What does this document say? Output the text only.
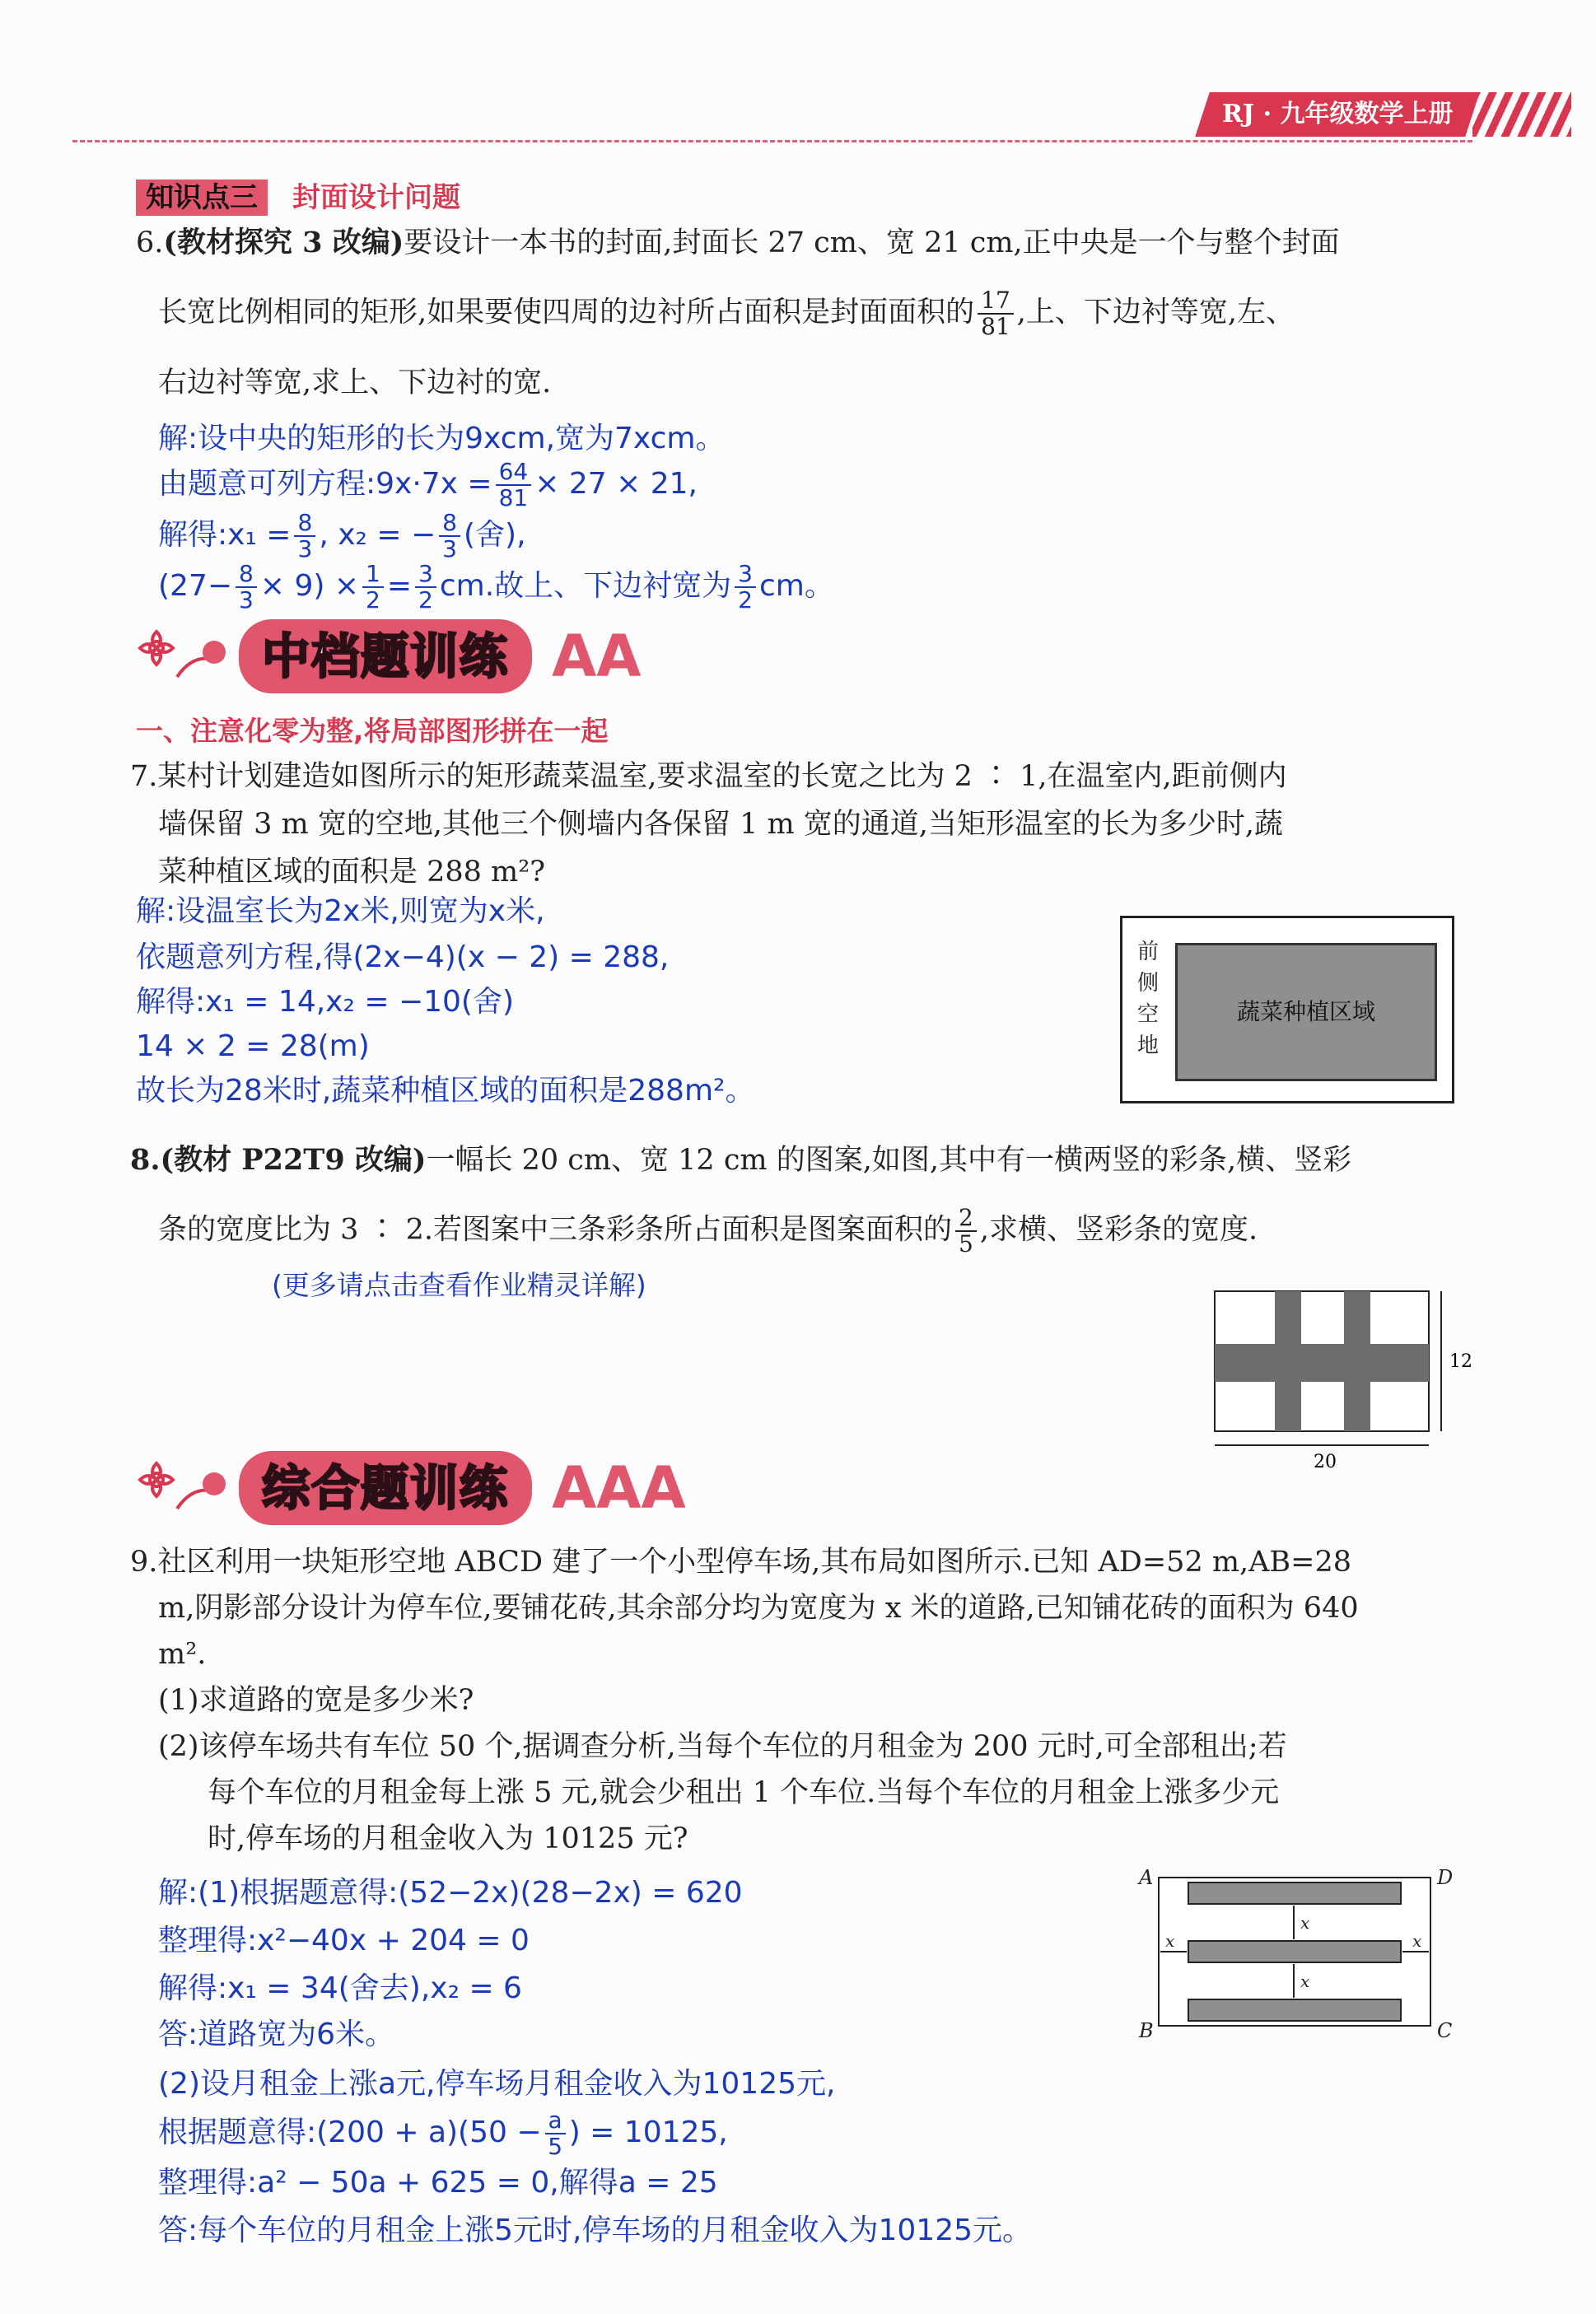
RJ · 九年级数学上册
知识点三 封面设计问题
6.(教材探究 3 改编)要设计一本书的封面,封面长 27 cm、宽 21 cm,正中央是一个与整个封面
长宽比例相同的矩形,如果要使四周的边衬所占面积是封面面积的 $\frac{17}{81}$ ,上、下边衬等宽,左、
右边衬等宽,求上、下边衬的宽.
解:设中央的矩形的长为9xcm,宽为7xcm。
由题意可列方程:9x·7x = $\frac{64}{81} \times 27 \times 21$,
解得:x₁ = $\frac{8}{3}$ , x₂ = − $\frac{8}{3}$ (舍),
$(27- \frac{8}{3} \times 9) \times \frac{1}{2} = \frac{3}{2}$ cm.故上、下边衬宽为 $\frac{3}{2}$ cm。
中档题训练 AA
一、注意化零为整,将局部图形拼在一起
7.某村计划建造如图所示的矩形蔬菜温室,要求温室的长宽之比为 2 ∶ 1,在温室内,距前侧内
墙保留 3 m 宽的空地,其他三个侧墙内各保留 1 m 宽的通道,当矩形温室的长为多少时,蔬
菜种植区域的面积是 288 m²?
解:设温室长为2x米,则宽为x米,
依题意列方程,得(2x−4)(x − 2) = 288,
解得:x₁ = 14,x₂ = −10(舍)
14 × 2 = 28(m)
故长为28米时,蔬菜种植区域的面积是288m²。
前
侧
空
地
蔬菜种植区域
8.(教材 P22T9 改编)一幅长 20 cm、宽 12 cm 的图案,如图,其中有一横两竖的彩条,横、竖彩
条的宽度比为 3 ∶ 2.若图案中三条彩条所占面积是图案面积的 $\frac{2}{5}$ ,求横、竖彩条的宽度.
(更多请点击查看作业精灵详解)
12
20
综合题训练 AAA
9.社区利用一块矩形空地 ABCD 建了一个小型停车场,其布局如图所示.已知 AD=52 m,AB=28
m,阴影部分设计为停车位,要铺花砖,其余部分均为宽度为 x 米的道路,已知铺花砖的面积为 640
m².
(1)求道路的宽是多少米?
(2)该停车场共有车位 50 个,据调查分析,当每个车位的月租金为 200 元时,可全部租出;若
每个车位的月租金每上涨 5 元,就会少租出 1 个车位.当每个车位的月租金上涨多少元
时,停车场的月租金收入为 10125 元?
解:(1)根据题意得:(52−2x)(28−2x) = 620
整理得:x²−40x + 204 = 0
解得:x₁ = 34(舍去),x₂ = 6
答:道路宽为6米。
(2)设月租金上涨a元,停车场月租金收入为10125元,
根据题意得:(200 + $a)(50 - \frac{a}{5}$ ) = 10125,
整理得:a² − 50a + 625 = 0,解得a = 25
答:每个车位的月租金上涨5元时,停车场的月租金收入为10125元。
A	D
B	C
x
x
x	x
